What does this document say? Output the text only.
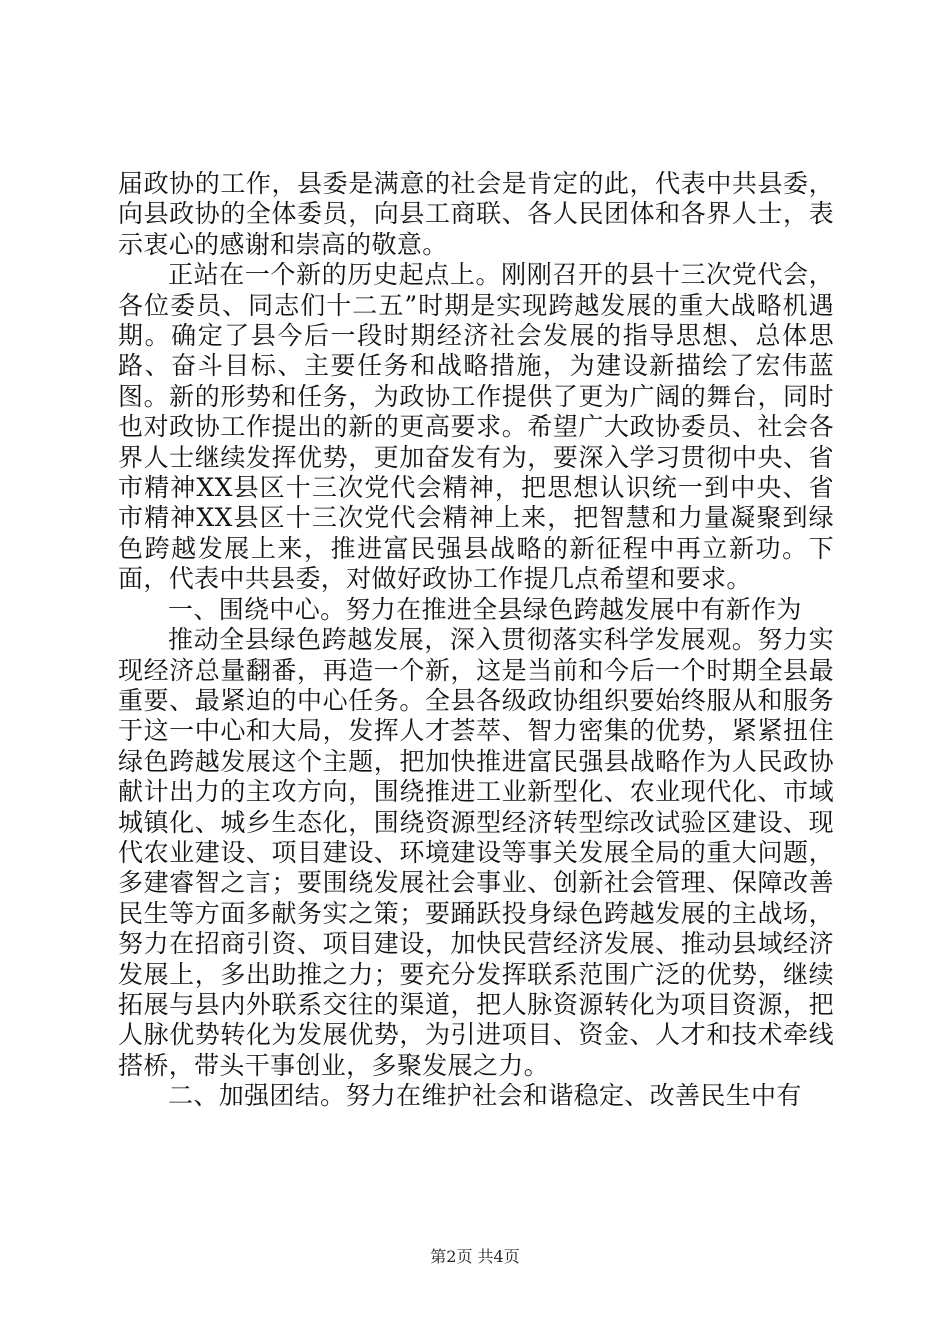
届政协的工作，县委是满意的社会是肯定的此，代表中共县委，向县政协的全体委员，向县工商联、各人民团体和各界人士，表示衷心的感谢和崇高的敬意。

正站在一个新的历史起点上。刚刚召开的县十三次党代会，各位委员、同志们十二五”时期是实现跨越发展的重大战略机遇期。确定了县今后一段时期经济社会发展的指导思想、总体思路、奋斗目标、主要任务和战略措施，为建设新描绘了宏伟蓝图。新的形势和任务，为政协工作提供了更为广阔的舞台，同时也对政协工作提出的新的更高要求。希望广大政协委员、社会各界人士继续发挥优势，更加奋发有为，要深入学习贯彻中央、省市精神XX县区十三次党代会精神，把思想认识统一到中央、省市精神XX县区十三次党代会精神上来，把智慧和力量凝聚到绿色跨越发展上来，推进富民强县战略的新征程中再立新功。下面，代表中共县委，对做好政协工作提几点希望和要求。

一、围绕中心。努力在推进全县绿色跨越发展中有新作为

推动全县绿色跨越发展，深入贯彻落实科学发展观。努力实现经济总量翻番，再造一个新，这是当前和今后一个时期全县最重要、最紧迫的中心任务。全县各级政协组织要始终服从和服务于这一中心和大局，发挥人才荟萃、智力密集的优势，紧紧扭住绿色跨越发展这个主题，把加快推进富民强县战略作为人民政协献计出力的主攻方向，围绕推进工业新型化、农业现代化、市域城镇化、城乡生态化，围绕资源型经济转型综改试验区建设、现代农业建设、项目建设、环境建设等事关发展全局的重大问题，多建睿智之言；要围绕发展社会事业、创新社会管理、保障改善民生等方面多献务实之策；要踊跃投身绿色跨越发展的主战场，努力在招商引资、项目建设，加快民营经济发展、推动县域经济发展上，多出助推之力；要充分发挥联系范围广泛的优势，继续拓展与县内外联系交往的渠道，把人脉资源转化为项目资源，把人脉优势转化为发展优势，为引进项目、资金、人才和技术牵线搭桥，带头干事创业，多聚发展之力。

二、加强团结。努力在维护社会和谐稳定、改善民生中有

第2页 共4页
